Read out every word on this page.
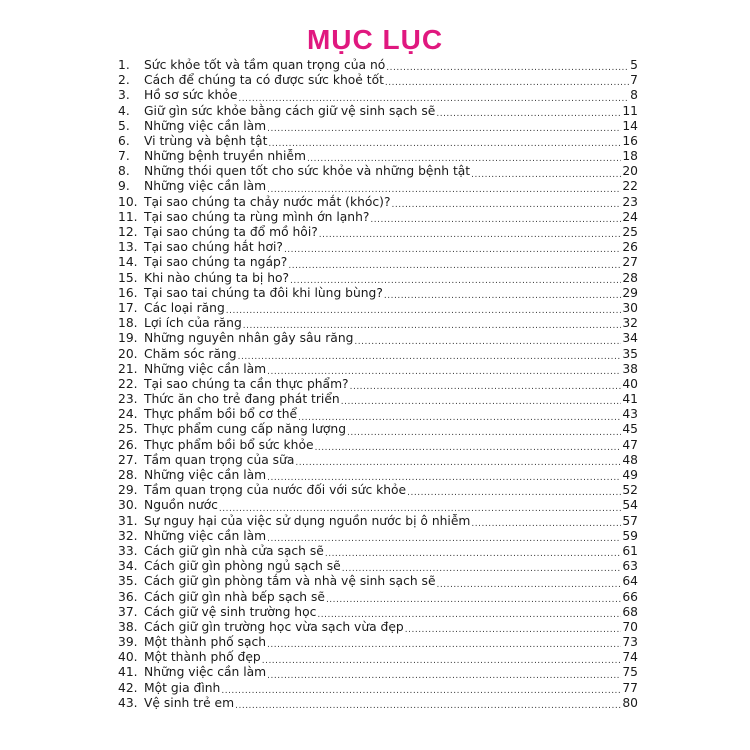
MỤC LỤC
1.	Sức khỏe tốt và tầm quan trọng của nó .....	5
2.	Cách để chúng ta có được sức khoẻ tốt .....	7
3.	Hồ sơ sức khỏe .....	8
4.	Giữ gìn sức khỏe bằng cách giữ vệ sinh sạch sẽ .....	11
5.	Những việc cần làm .....	14
6.	Vi trùng và bệnh tật .....	16
7.	Những bệnh truyền nhiễm .....	18
8.	Những thói quen tốt cho sức khỏe và những bệnh tật .....	20
9.	Những việc cần làm .....	22
10. Tại sao chúng ta chảy nước mắt (khóc)? .....	23
11. Tại sao chúng ta rùng mình ớn lạnh? .....	24
12. Tại sao chúng ta đổ mồ hôi? .....	25
13. Tại sao chúng hắt hơi? .....	26
14. Tại sao chúng ta ngáp? .....	27
15. Khi nào chúng ta bị ho? .....	28
16. Tại sao tai chúng ta đôi khi lùng bùng? .....	29
17. Các loại răng .....	30
18. Lợi ích của răng .....	32
19. Những nguyên nhân gây sâu răng .....	34
20. Chăm sóc răng .....	35
21. Những việc cần làm .....	38
22. Tại sao chúng ta cần thực phẩm? .....	40
23. Thức ăn cho trẻ đang phát triển .....	41
24. Thực phẩm bồi bổ cơ thể .....	43
25. Thực phẩm cung cấp năng lượng .....	45
26. Thực phẩm bồi bổ sức khỏe .....	47
27. Tầm quan trọng của sữa .....	48
28. Những việc cần làm .....	49
29. Tầm quan trọng của nước đối với sức khỏe .....	52
30. Nguồn nước .....	54
31. Sự nguy hại của việc sử dụng nguồn nước bị ô nhiễm .....	57
32. Những việc cần làm .....	59
33. Cách giữ gìn nhà cửa sạch sẽ .....	61
34. Cách giữ gìn phòng ngủ sạch sẽ .....	63
35. Cách giữ gìn phòng tắm và nhà vệ sinh sạch sẽ .....	64
36. Cách giữ gìn nhà bếp sạch sẽ .....	66
37. Cách giữ vệ sinh trường học .....	68
38. Cách giữ gìn trường học vừa sạch vừa đẹp .....	70
39. Một thành phố sạch .....	73
40. Một thành phố đẹp .....	74
41. Những việc cần làm .....	75
42. Một gia đình .....	77
43. Vệ sinh trẻ em .....	80
